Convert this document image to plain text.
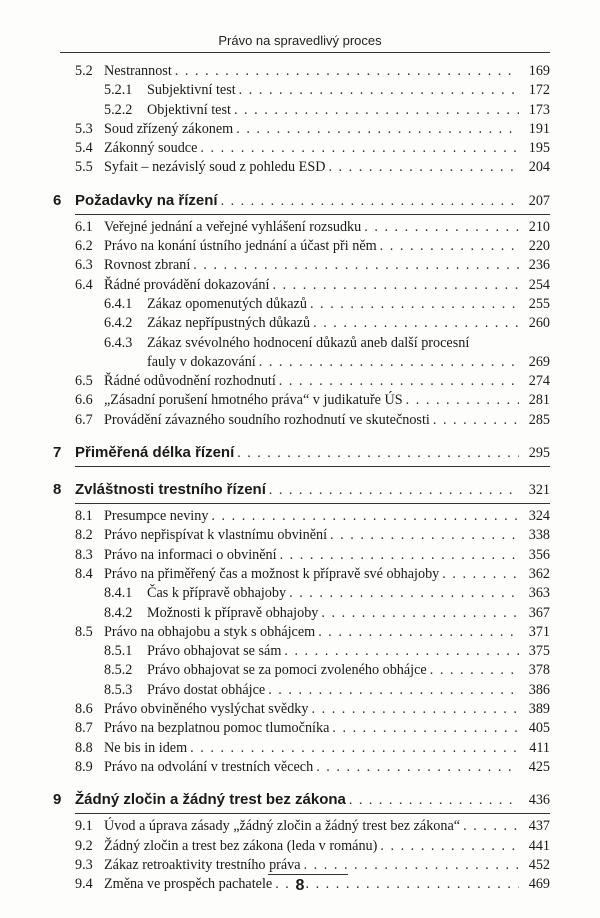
Právo na spravedlivý proces
5.2 Nestrannost . . .	169
5.2.1 Subjektivní test . . .	172
5.2.2 Objektivní test . . .	173
5.3 Soud zřízený zákonem . . .	191
5.4 Zákonný soudce . . .	195
5.5 Syfait – nezávislý soud z pohledu ESD . . .	204
6 Požadavky na řízení . . .	207
6.1 Veřejné jednání a veřejné vyhlášení rozsudku . . .	210
6.2 Právo na konání ústního jednání a účast při něm . . .	220
6.3 Rovnost zbraní . . .	236
6.4 Řádné provádění dokazování . . .	254
6.4.1 Zákaz opomenutých důkazů . . .	255
6.4.2 Zákaz nepřípustných důkazů . . .	260
6.4.3 Zákaz svévolného hodnocení důkazů aneb další procesní
fauly v dokazování . . .	269
6.5 Řádné odůvodnění rozhodnutí . . .	274
6.6 „Zásadní porušení hmotného práva“ v judikatuře ÚS . . .	281
6.7 Provádění závazného soudního rozhodnutí ve skutečnosti . . .	285
7 Přiměřená délka řízení . . .	295
8 Zvláštnosti trestního řízení . . .	321
8.1 Presumpce neviny . . .	324
8.2 Právo nepřispívat k vlastnímu obvinění . . .	338
8.3 Právo na informaci o obvinění . . .	356
8.4 Právo na přiměřený čas a možnost k přípravě své obhajoby . . .	362
8.4.1 Čas k přípravě obhajoby . . .	363
8.4.2 Možnosti k přípravě obhajoby . . .	367
8.5 Právo na obhajobu a styk s obhájcem . . .	371
8.5.1 Právo obhajovat se sám . . .	375
8.5.2 Právo obhajovat se za pomoci zvoleného obhájce . . .	378
8.5.3 Právo dostat obhájce . . .	386
8.6 Právo obviněného vyslýchat svědky . . .	389
8.7 Právo na bezplatnou pomoc tlumočníka . . .	405
8.8 Ne bis in idem . . .	411
8.9 Právo na odvolání v trestních věcech . . .	425
9 Žádný zločin a žádný trest bez zákona . . .	436
9.1 Úvod a úprava zásady „žádný zločin a žádný trest bez zákona“ . . .	437
9.2 Žádný zločin a trest bez zákona (leda v románu) . . .	441
9.3 Zákaz retroaktivity trestního práva . . .	452
9.4 Změna ve prospěch pachatele . . .	469
8
